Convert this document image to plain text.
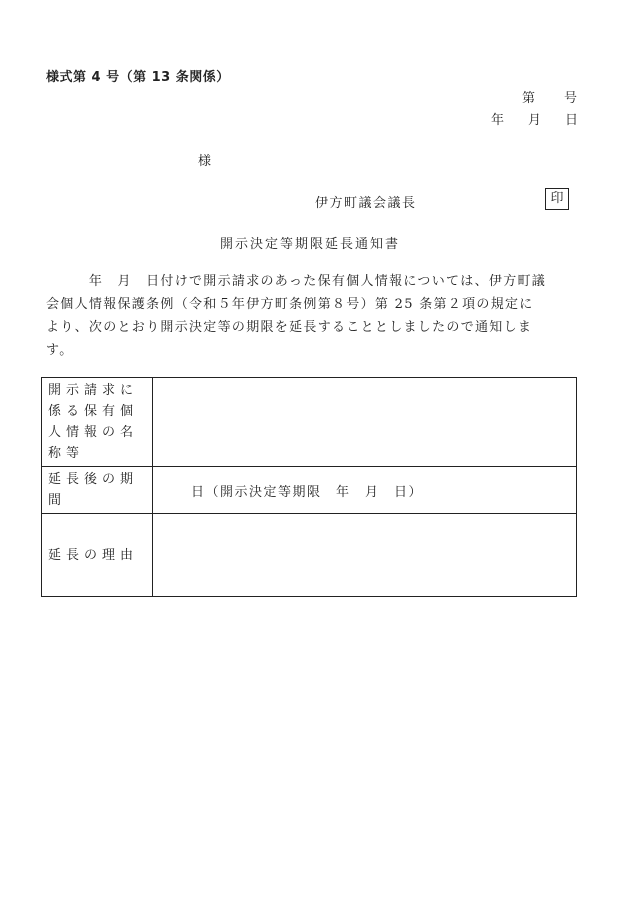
様式第 4 号（第 13 条関係）
第 号
年 月 日
様
伊方町議会議長	印
開示決定等期限延長通知書
　　　年　月　日付けで開示請求のあった保有個人情報については、伊方町議
会個人情報保護条例（令和５年伊方町条例第８号）第 25 条第２項の規定に
より、次のとおり開示決定等の期限を延長することとしましたので通知しま
す。
開示請求に係る保有個人情報の名称等	
延長後の期間	日（開示決定等期限　年　月　日）
延長の理由	
